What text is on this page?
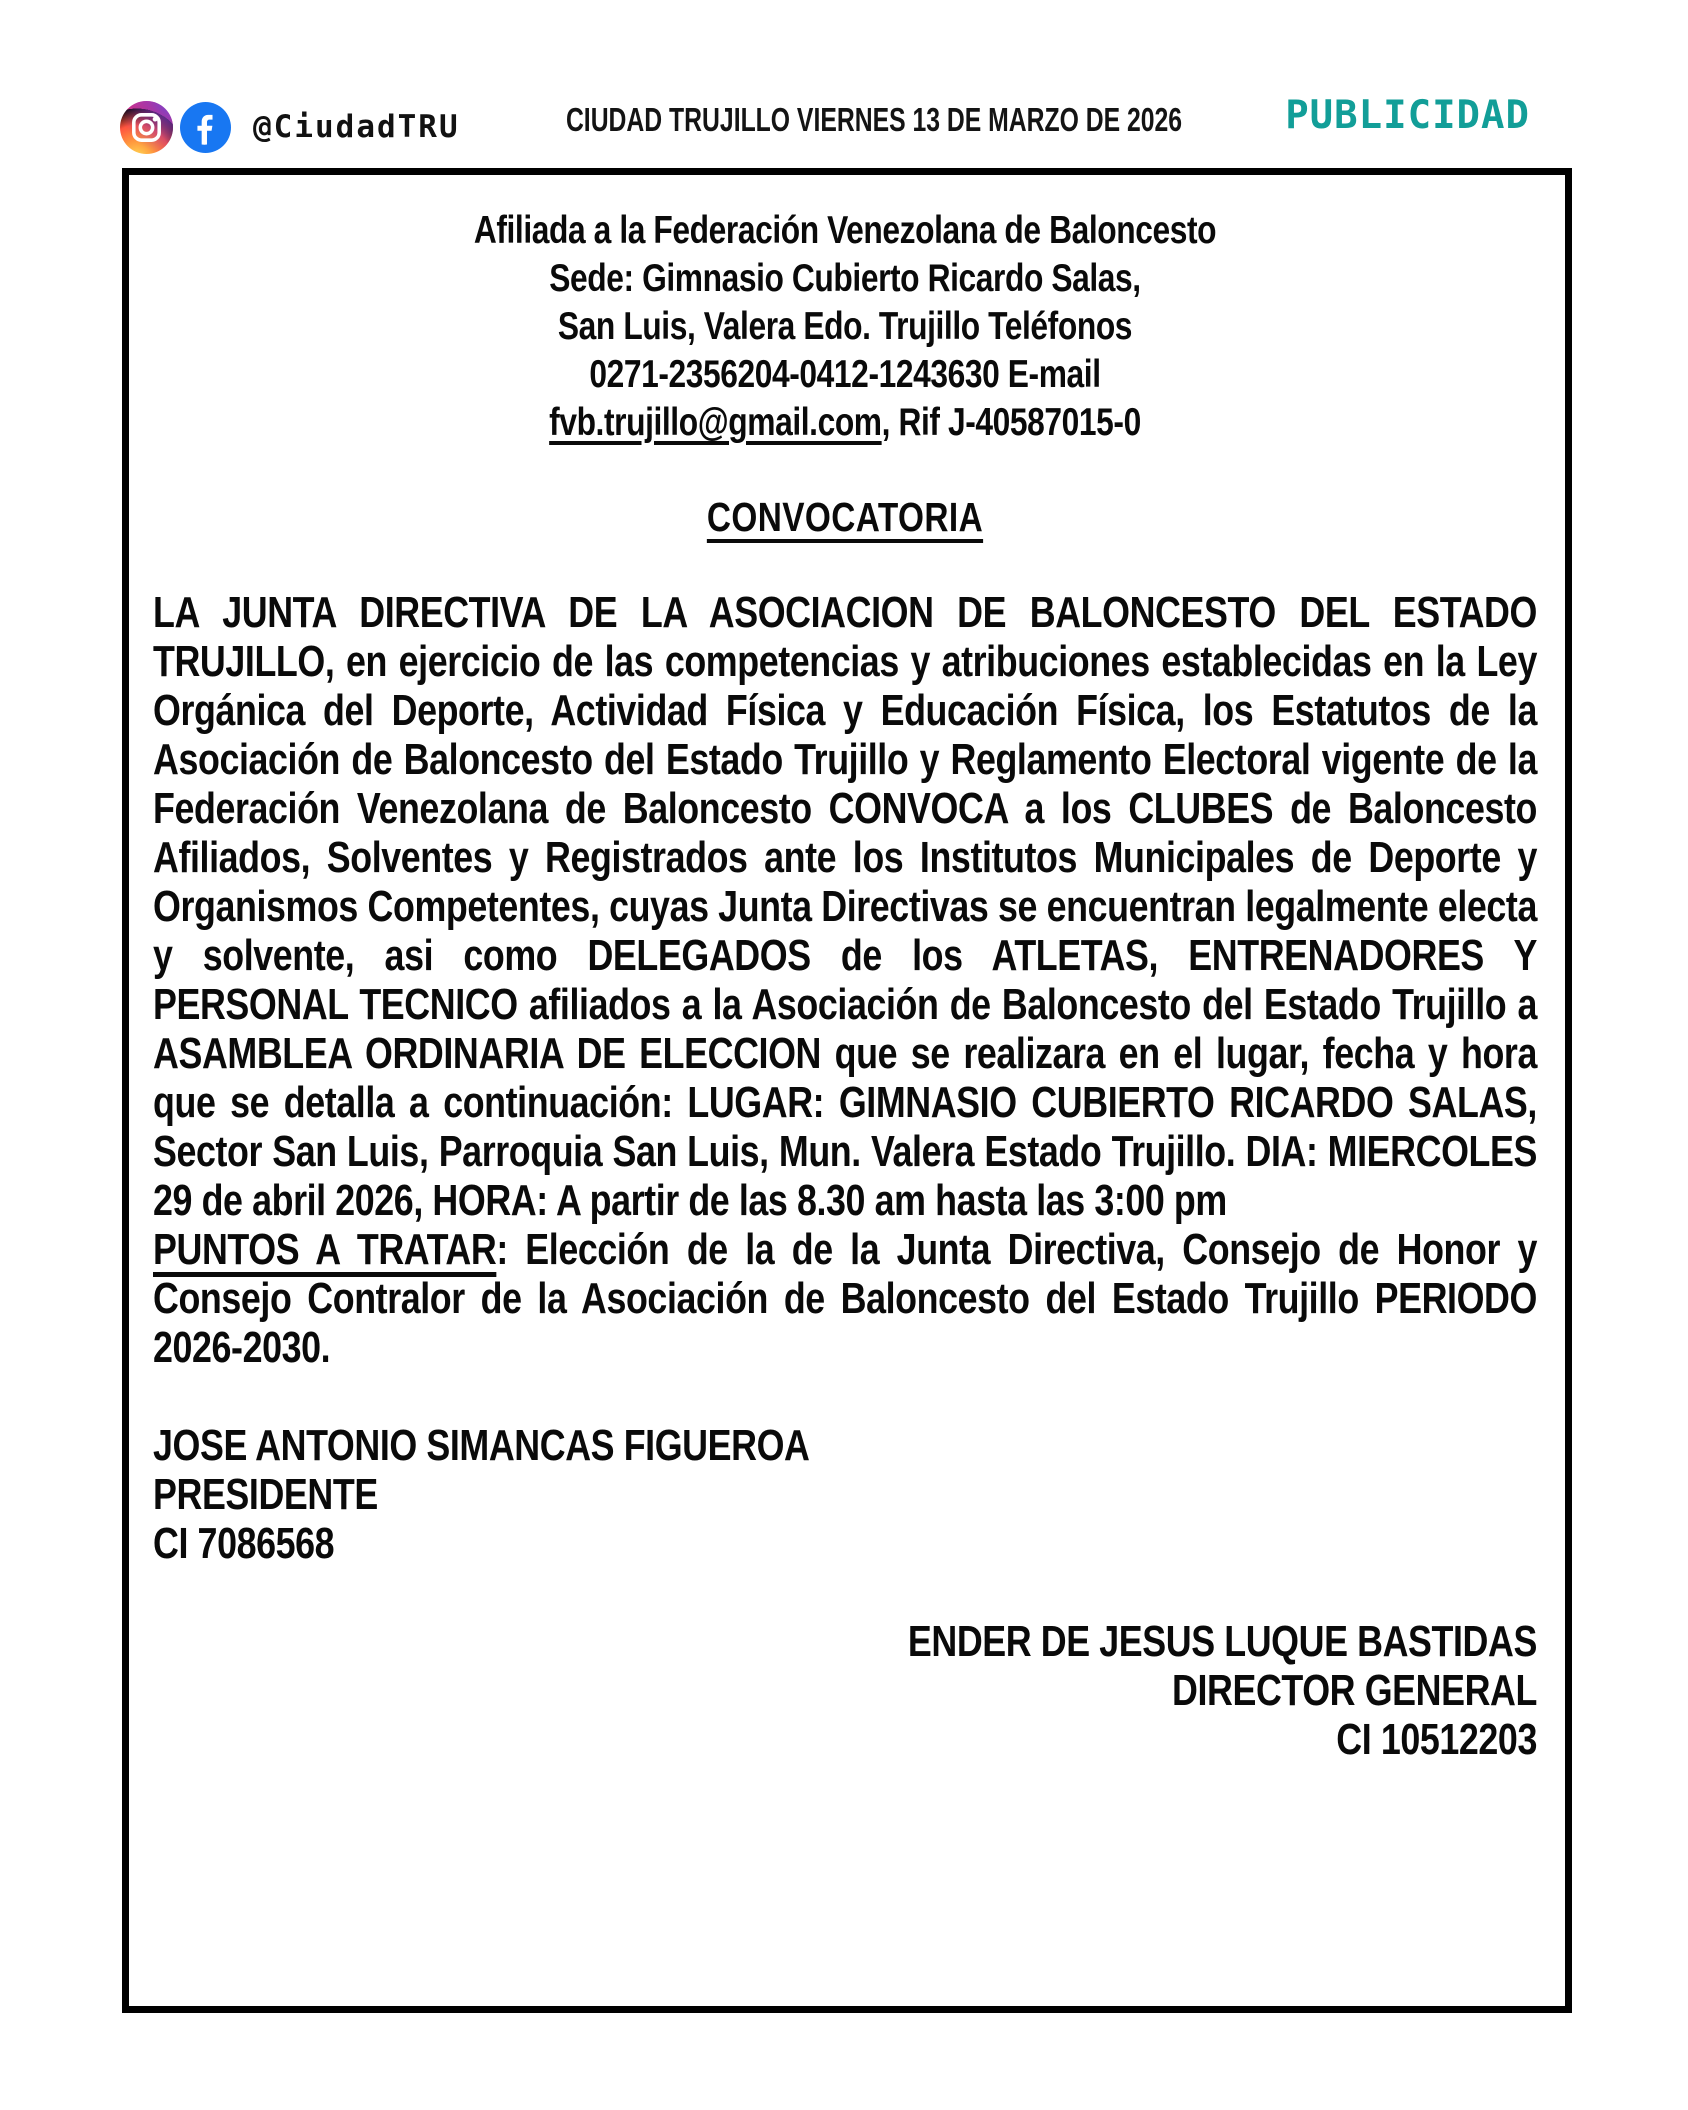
@CiudadTRU	CIUDAD TRUJILLO VIERNES 13 DE MARZO DE 2026	PUBLICIDAD

Afiliada a la Federación Venezolana de Baloncesto

Sede: Gimnasio Cubierto Ricardo Salas,

San Luis, Valera Edo. Trujillo Teléfonos

0271-2356204-0412-1243630 E-mail

fvb.trujillo@gmail.com, Rif J-40587015-0

CONVOCATORIA

LA JUNTA DIRECTIVA DE LA ASOCIACION DE BALONCESTO DEL ESTADO TRUJILLO, en ejercicio de las competencias y atribuciones establecidas en la Ley Orgánica del Deporte, Actividad Física y Educación Física, los Estatutos de la Asociación de Baloncesto del Estado Trujillo y Reglamento Electoral vigente de la Federación Venezolana de Baloncesto CONVOCA a los CLUBES de Baloncesto Afiliados, Solventes y Registrados ante los Institutos Municipales de Deporte y Organismos Competentes, cuyas Junta Directivas se encuentran legalmente electa y solvente, asi como DELEGADOS de los ATLETAS, ENTRENADORES Y PERSONAL TECNICO afiliados a la Asociación de Baloncesto del Estado Trujillo a ASAMBLEA ORDINARIA DE ELECCION que se realizara en el lugar, fecha y hora que se detalla a continuación: LUGAR: GIMNASIO CUBIERTO RICARDO SALAS, Sector San Luis, Parroquia San Luis, Mun. Valera Estado Trujillo. DIA: MIERCOLES 29 de abril 2026, HORA: A partir de las 8.30 am hasta las 3:00 pm

PUNTOS A TRATAR: Elección de la de la Junta Directiva, Consejo de Honor y Consejo Contralor de la Asociación de Baloncesto del Estado Trujillo PERIODO 2026-2030.

JOSE ANTONIO SIMANCAS FIGUEROA
PRESIDENTE
CI 7086568
ENDER DE JESUS LUQUE BASTIDAS
DIRECTOR GENERAL
CI 10512203
